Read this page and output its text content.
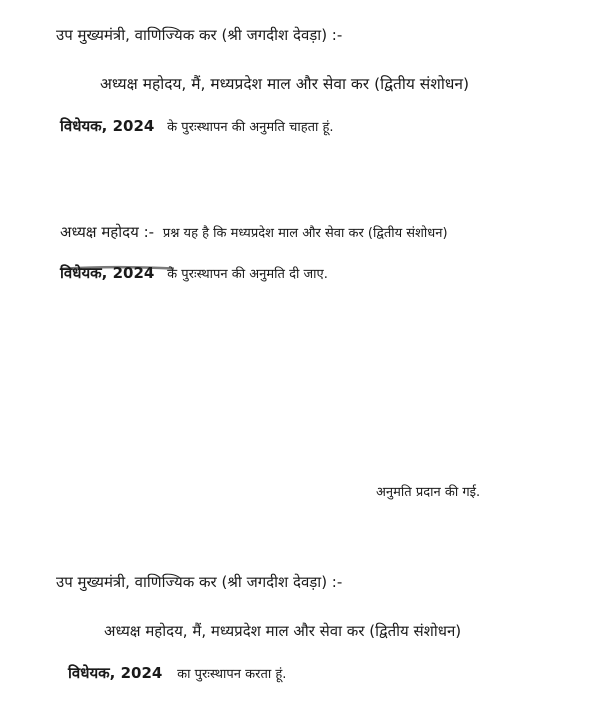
उप मुख्यमंत्री, वाणिज्यिक कर (श्री जगदीश देवड़ा) :-
अध्यक्ष महोदय, मैं, मध्यप्रदेश माल और सेवा कर (द्वितीय संशोधन)
विधेयक, 2024 के पुरःस्थापन की अनुमति चाहता हूं.
अध्यक्ष महोदय :- प्रश्न यह है कि मध्यप्रदेश माल और सेवा कर (द्वितीय संशोधन)
विधेयक, 2024 के पुरःस्थापन की अनुमति दी जाए.
अनुमति प्रदान की गई.
उप मुख्यमंत्री, वाणिज्यिक कर (श्री जगदीश देवड़ा) :-
अध्यक्ष महोदय, मैं, मध्यप्रदेश माल और सेवा कर (द्वितीय संशोधन)
विधेयक, 2024 का पुरःस्थापन करता हूं.
